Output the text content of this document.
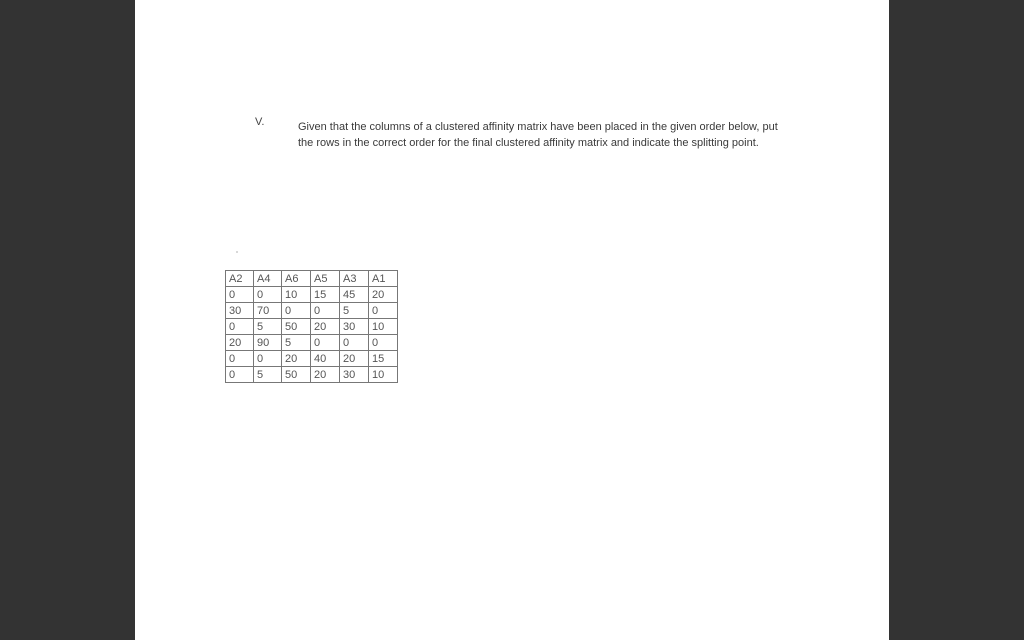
V.	Given that the columns of a clustered affinity matrix have been placed in the given order below, put the rows in the correct order for the final clustered affinity matrix and indicate the splitting point.
A2	A4	A6	A5	A3	A1
0	0	10	15	45	20
30	70	0	0	5	0
0	5	50	20	30	10
20	90	5	0	0	0
0	0	20	40	20	15
0	5	50	20	30	10
